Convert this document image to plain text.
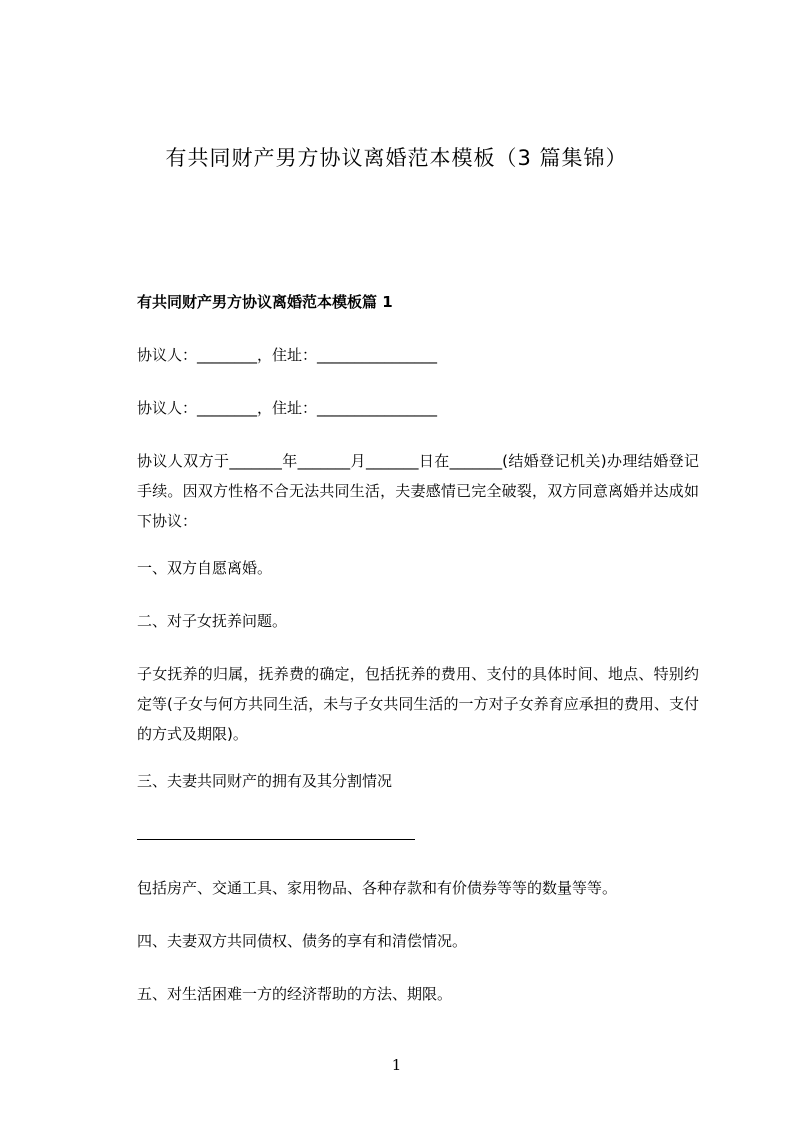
有共同财产男方协议离婚范本模板（3 篇集锦）
有共同财产男方协议离婚范本模板篇 1
协议人：________，住址：________________
协议人：________，住址：________________
协议人双方于_______年_______月_______日在_______(结婚登记机关)办理结婚登记手续。因双方性格不合无法共同生活，夫妻感情已完全破裂，双方同意离婚并达成如下协议：
一、双方自愿离婚。
二、对子女抚养问题。
子女抚养的归属，抚养费的确定，包括抚养的费用、支付的具体时间、地点、特别约定等(子女与何方共同生活，未与子女共同生活的一方对子女养育应承担的费用、支付的方式及期限)。
三、夫妻共同财产的拥有及其分割情况
包括房产、交通工具、家用物品、各种存款和有价债券等等的数量等等。
四、夫妻双方共同债权、债务的享有和清偿情况。
五、对生活困难一方的经济帮助的方法、期限。
1
